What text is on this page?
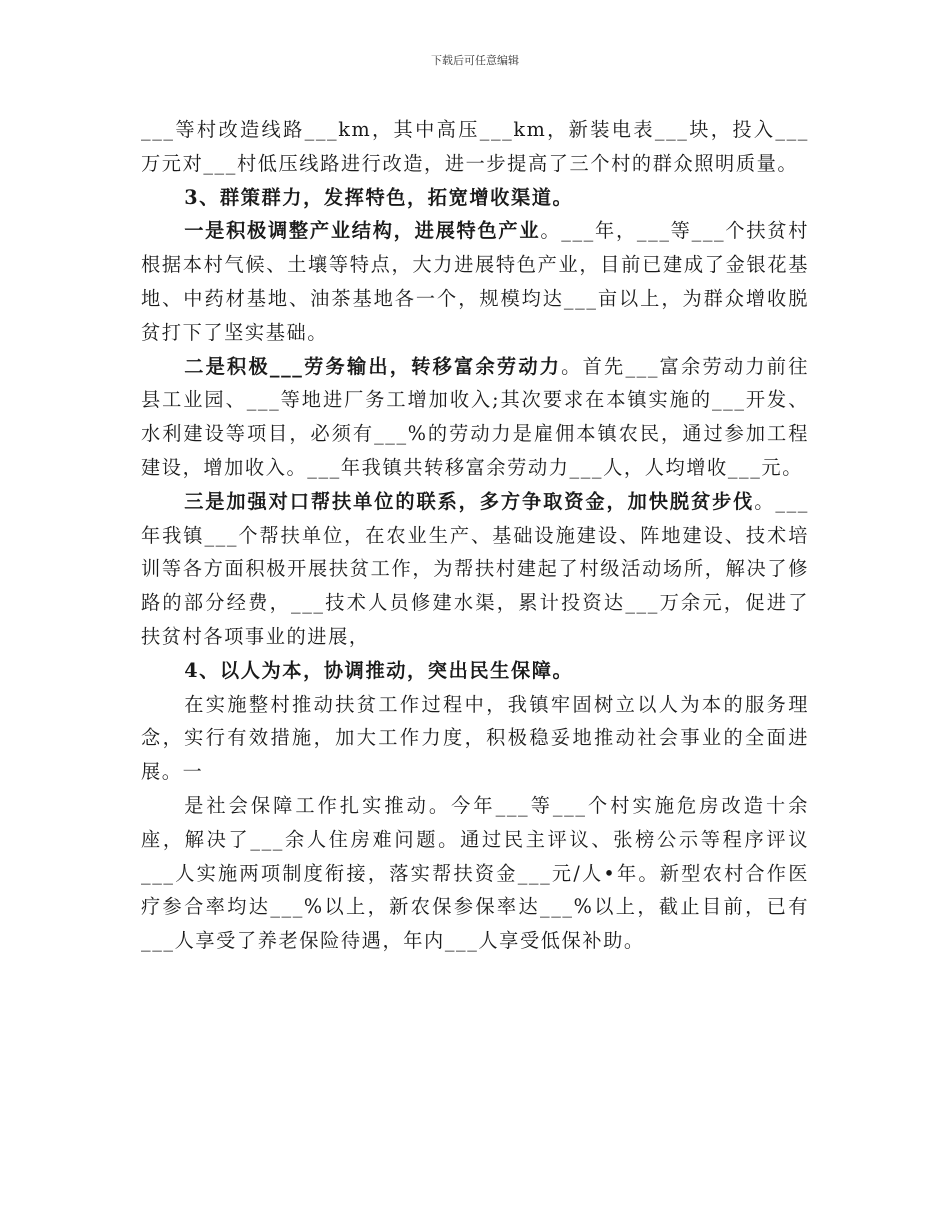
下载后可任意编辑

___等村改造线路___km，其中高压___km，新装电表___块，投入___万元对___村低压线路进行改造，进一步提高了三个村的群众照明质量。

3、群策群力，发挥特色，拓宽增收渠道。

一是积极调整产业结构，进展特色产业。___年，___等___个扶贫村根据本村气候、土壤等特点，大力进展特色产业，目前已建成了金银花基地、中药材基地、油茶基地各一个，规模均达___亩以上，为群众增收脱贫打下了坚实基础。

二是积极___劳务输出，转移富余劳动力。首先___富余劳动力前往县工业园、___等地进厂务工增加收入;其次要求在本镇实施的___开发、水利建设等项目，必须有___%的劳动力是雇佣本镇农民，通过参加工程建设，增加收入。___年我镇共转移富余劳动力___人，人均增收___元。

三是加强对口帮扶单位的联系，多方争取资金，加快脱贫步伐。___年我镇___个帮扶单位，在农业生产、基础设施建设、阵地建设、技术培训等各方面积极开展扶贫工作，为帮扶村建起了村级活动场所，解决了修路的部分经费，___技术人员修建水渠，累计投资达___万余元，促进了扶贫村各项事业的进展，

4、以人为本，协调推动，突出民生保障。

在实施整村推动扶贫工作过程中，我镇牢固树立以人为本的服务理念，实行有效措施，加大工作力度，积极稳妥地推动社会事业的全面进展。一

是社会保障工作扎实推动。今年___等___个村实施危房改造十余座，解决了___余人住房难问题。通过民主评议、张榜公示等程序评议___人实施两项制度衔接，落实帮扶资金___元/人•年。新型农村合作医疗参合率均达___%以上，新农保参保率达___%以上，截止目前，已有___人享受了养老保险待遇，年内___人享受低保补助。
